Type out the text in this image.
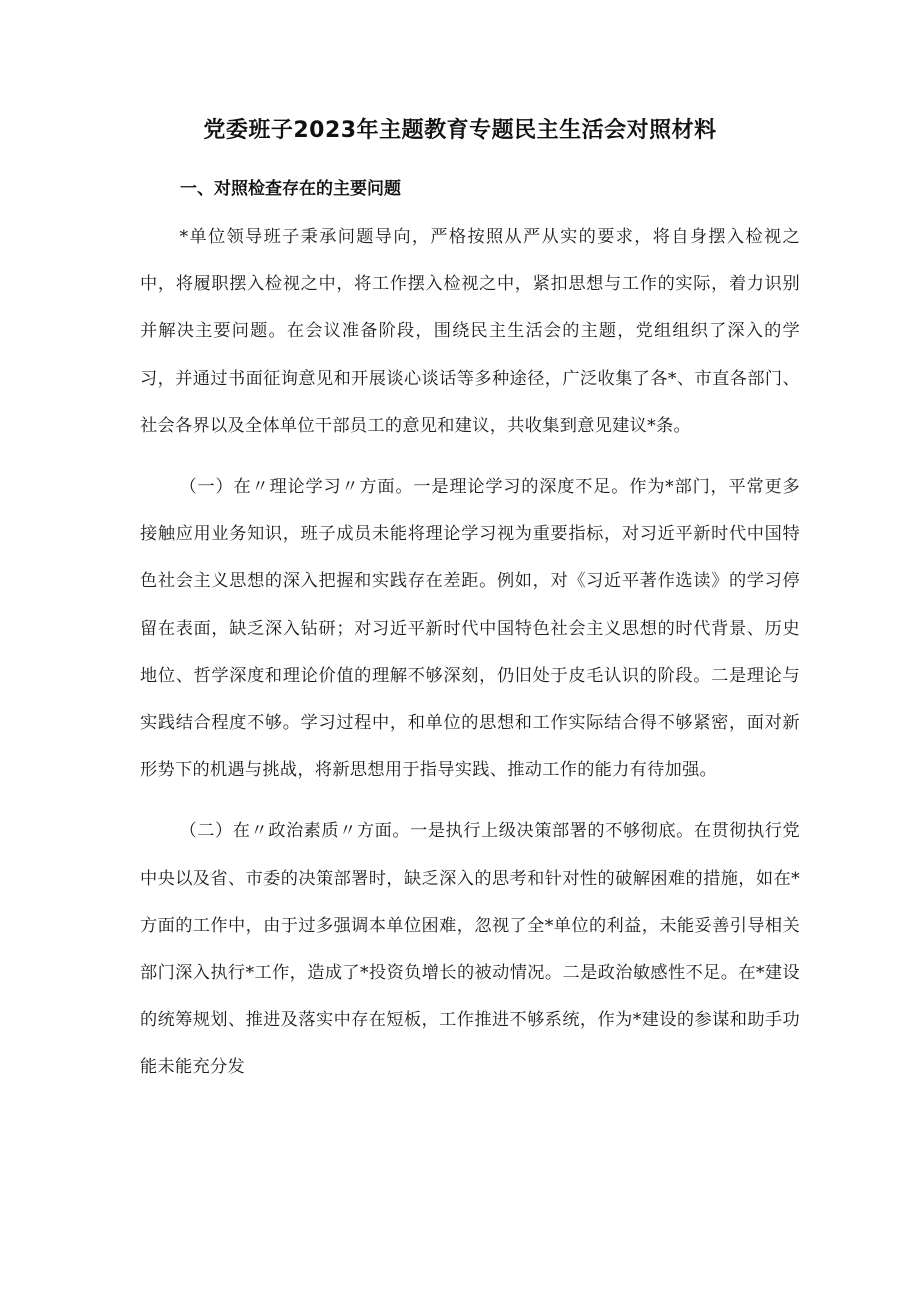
党委班子2023年主题教育专题民主生活会对照材料
一、对照检查存在的主要问题

*单位领导班子秉承问题导向，严格按照从严从实的要求，将自身摆入检视之中，将履职摆入检视之中，将工作摆入检视之中，紧扣思想与工作的实际，着力识别并解决主要问题。在会议准备阶段，围绕民主生活会的主题，党组组织了深入的学习，并通过书面征询意见和开展谈心谈话等多种途径，广泛收集了各*、市直各部门、社会各界以及全体单位干部员工的意见和建议，共收集到意见建议*条。

（一）在〃理论学习〃方面。一是理论学习的深度不足。作为*部门，平常更多接触应用业务知识，班子成员未能将理论学习视为重要指标，对习近平新时代中国特色社会主义思想的深入把握和实践存在差距。例如，对《习近平著作选读》的学习停留在表面，缺乏深入钻研；对习近平新时代中国特色社会主义思想的时代背景、历史地位、哲学深度和理论价值的理解不够深刻，仍旧处于皮毛认识的阶段。二是理论与实践结合程度不够。学习过程中，和单位的思想和工作实际结合得不够紧密，面对新形势下的机遇与挑战，将新思想用于指导实践、推动工作的能力有待加强。

（二）在〃政治素质〃方面。一是执行上级决策部署的不够彻底。在贯彻执行党中央以及省、市委的决策部署时，缺乏深入的思考和针对性的破解困难的措施，如在*方面的工作中，由于过多强调本单位困难，忽视了全*单位的利益，未能妥善引导相关部门深入执行*工作，造成了*投资负增长的被动情况。二是政治敏感性不足。在*建设的统筹规划、推进及落实中存在短板，工作推进不够系统，作为*建设的参谋和助手功能未能充分发
